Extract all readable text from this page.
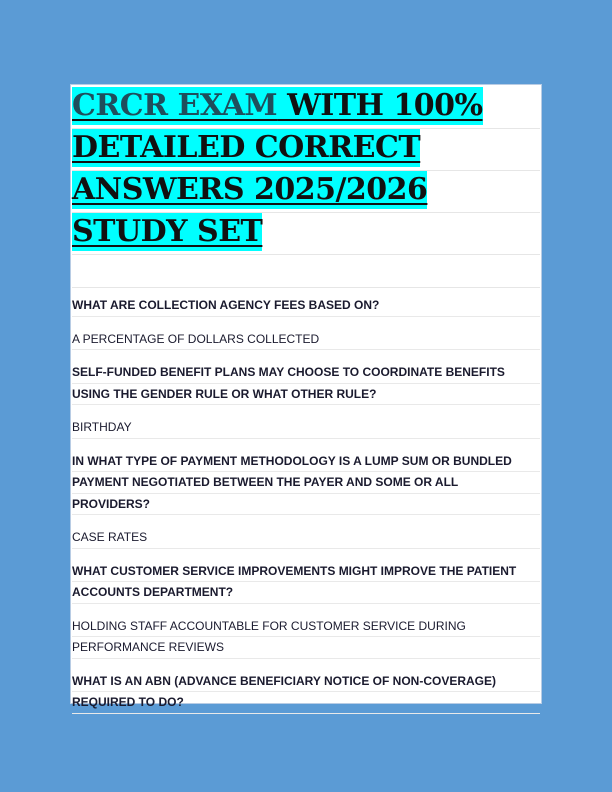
CRCR EXAM WITH 100%
DETAILED CORRECT
ANSWERS 2025/2026
STUDY SET
WHAT ARE COLLECTION AGENCY FEES BASED ON?
A PERCENTAGE OF DOLLARS COLLECTED
SELF-FUNDED BENEFIT PLANS MAY CHOOSE TO COORDINATE BENEFITS
USING THE GENDER RULE OR WHAT OTHER RULE?
BIRTHDAY
IN WHAT TYPE OF PAYMENT METHODOLOGY IS A LUMP SUM OR BUNDLED
PAYMENT NEGOTIATED BETWEEN THE PAYER AND SOME OR ALL
PROVIDERS?
CASE RATES
WHAT CUSTOMER SERVICE IMPROVEMENTS MIGHT IMPROVE THE PATIENT
ACCOUNTS DEPARTMENT?
HOLDING STAFF ACCOUNTABLE FOR CUSTOMER SERVICE DURING
PERFORMANCE REVIEWS
WHAT IS AN ABN (ADVANCE BENEFICIARY NOTICE OF NON-COVERAGE)
REQUIRED TO DO?
